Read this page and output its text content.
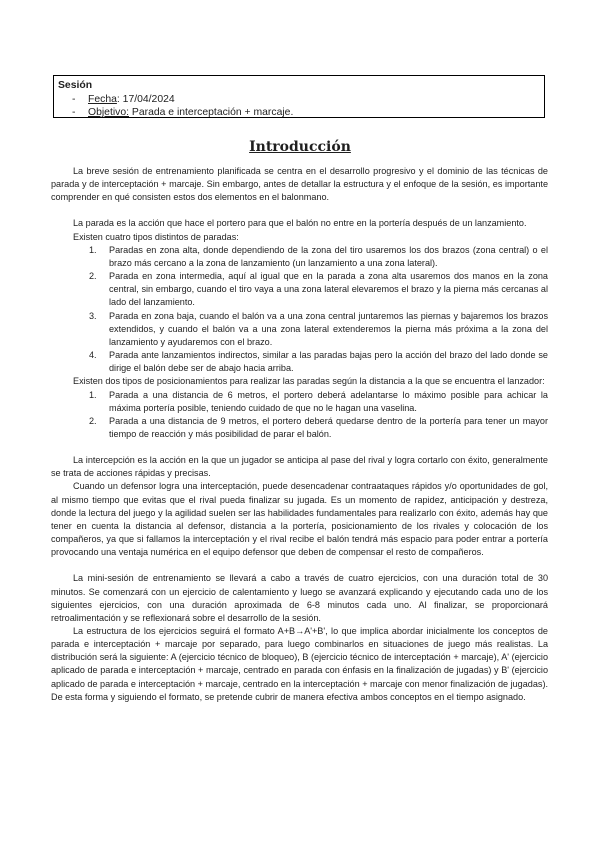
Sesión

- Fecha: 17/04/2024

- Objetivo: Parada e interceptación + marcaje.

Introducción

La breve sesión de entrenamiento planificada se centra en el desarrollo progresivo y el dominio de las técnicas de parada y de interceptación + marcaje. Sin embargo, antes de detallar la estructura y el enfoque de la sesión, es importante comprender en qué consisten estos dos elementos en el balonmano.

La parada es la acción que hace el portero para que el balón no entre en la portería después de un lanzamiento.

Existen cuatro tipos distintos de paradas:

1. Paradas en zona alta, donde dependiendo de la zona del tiro usaremos los dos brazos (zona central) o el brazo más cercano a la zona de lanzamiento (un lanzamiento a una zona lateral).
2. Parada en zona intermedia, aquí al igual que en la parada a zona alta usaremos dos manos en la zona central, sin embargo, cuando el tiro vaya a una zona lateral elevaremos el brazo y la pierna más cercanas al lado del lanzamiento.
3. Parada en zona baja, cuando el balón va a una zona central juntaremos las piernas y bajaremos los brazos extendidos, y cuando el balón va a una zona lateral extenderemos la pierna más próxima a la zona del lanzamiento y ayudaremos con el brazo.
4. Parada ante lanzamientos indirectos, similar a las paradas bajas pero la acción del brazo del lado donde se dirige el balón debe ser de abajo hacia arriba.

Existen dos tipos de posicionamientos para realizar las paradas según la distancia a la que se encuentra el lanzador:

1. Parada a una distancia de 6 metros, el portero deberá adelantarse lo máximo posible para achicar la máxima portería posible, teniendo cuidado de que no le hagan una vaselina.
2. Parada a una distancia de 9 metros, el portero deberá quedarse dentro de la portería para tener un mayor tiempo de reacción y más posibilidad de parar el balón.

La intercepción es la acción en la que un jugador se anticipa al pase del rival y logra cortarlo con éxito, generalmente se trata de acciones rápidas y precisas.

Cuando un defensor logra una interceptación, puede desencadenar contraataques rápidos y/o oportunidades de gol, al mismo tiempo que evitas que el rival pueda finalizar su jugada. Es un momento de rapidez, anticipación y destreza, donde la lectura del juego y la agilidad suelen ser las habilidades fundamentales para realizarlo con éxito, además hay que tener en cuenta la distancia al defensor, distancia a la portería, posicionamiento de los rivales y colocación de los compañeros, ya que si fallamos la interceptación y el rival recibe el balón tendrá más espacio para poder entrar a portería provocando una ventaja numérica en el equipo defensor que deben de compensar el resto de compañeros.

La mini-sesión de entrenamiento se llevará a cabo a través de cuatro ejercicios, con una duración total de 30 minutos. Se comenzará con un ejercicio de calentamiento y luego se avanzará explicando y ejecutando cada uno de los siguientes ejercicios, con una duración aproximada de 6-8 minutos cada uno. Al finalizar, se proporcionará retroalimentación y se reflexionará sobre el desarrollo de la sesión.

La estructura de los ejercicios seguirá el formato A+B→A'+B', lo que implica abordar inicialmente los conceptos de parada e interceptación + marcaje por separado, para luego combinarlos en situaciones de juego más realistas. La distribución será la siguiente: A (ejercicio técnico de bloqueo), B (ejercicio técnico de interceptación + marcaje), A' (ejercicio aplicado de parada e interceptación + marcaje, centrado en parada con énfasis en la finalización de jugadas) y B' (ejercicio aplicado de parada e interceptación + marcaje, centrado en la interceptación + marcaje con menor finalización de jugadas). De esta forma y siguiendo el formato, se pretende cubrir de manera efectiva ambos conceptos en el tiempo asignado.
